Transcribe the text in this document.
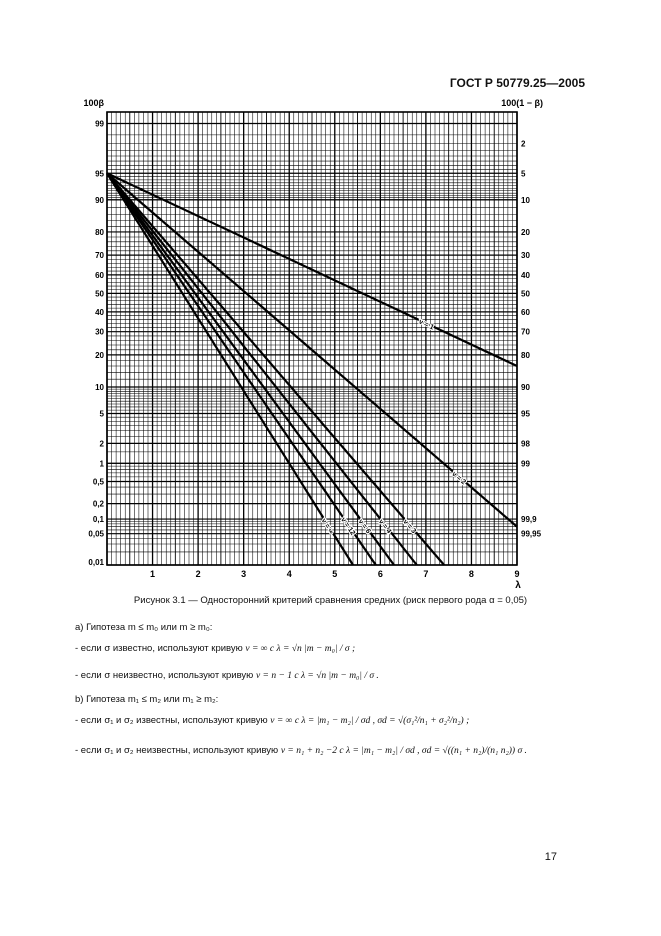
ГОСТ Р 50779.25—2005
ν = 1
ν = 2
ν = 3
ν = 4
ν = 6
ν = 12
ν = ∞
99
95
90
80
70
60
50
40
30
20
10
5
2
1
0,5
0,2
0,1
0,05
0,01
2
5
10
20
30
40
50
60
70
80
90
95
98
99
99,9
99,95
1	2	3	4	5	6	7	8	9
100β	100(1 − β)
λ
Рисунок 3.1 — Односторонний критерий сравнения средних (риск первого рода α = 0,05)
a) Гипотеза m ≤ m₀ или m ≥ m₀:
- если σ известно, используют кривую ν = ∞ с λ = √n |m − m₀| / σ ;
- если σ неизвестно, используют кривую ν = n − 1 с λ = √n |m − m₀| / σ .
b) Гипотеза m₁ ≤ m₂ или m₁ ≥ m₂:
- если σ₁ и σ₂ известны, используют кривую ν = ∞ с λ = |m₁ − m₂| / σd , σd = √(σ₁²/n₁ + σ₂²/n₂) ;
- если σ₁ и σ₂ неизвестны, используют кривую ν = n₁ + n₂ −2 с λ = |m₁ − m₂| / σd , σd = √((n₁ + n₂)/(n₁ n₂)) σ .
17
